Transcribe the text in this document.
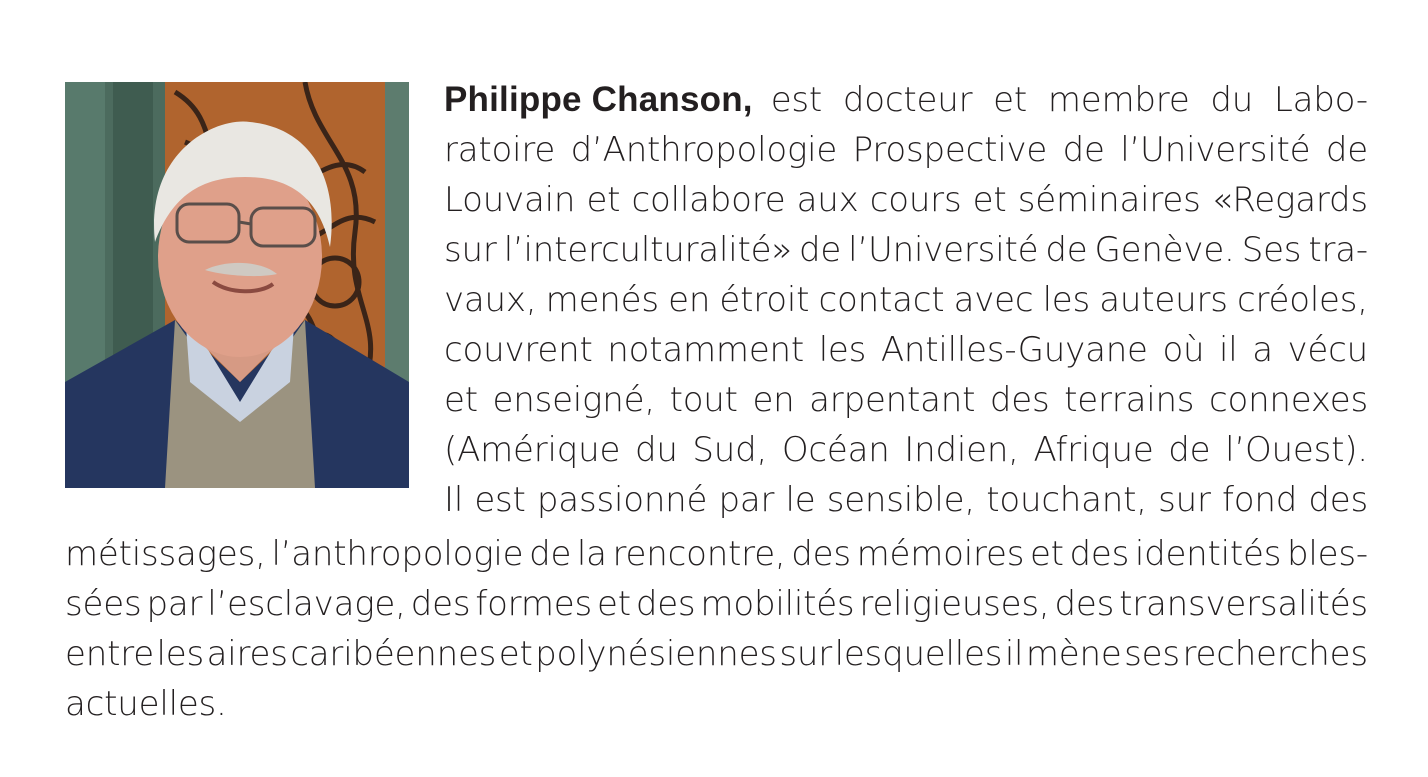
Philippe Chanson, est docteur et membre du Labo-
ratoire d’Anthropologie Prospective de l’Université de
Louvain et collabore aux cours et séminaires «Regards
sur l’interculturalité» de l’Université de Genève. Ses tra-
vaux, menés en étroit contact avec les auteurs créoles,
couvrent notamment les Antilles-Guyane où il a vécu
et enseigné, tout en arpentant des terrains connexes
(Amérique du Sud, Océan Indien, Afrique de l’Ouest).
Il est passionné par le sensible, touchant, sur fond des
métissages, l’anthropologie de la rencontre, des mémoires et des identités bles-
sées par l’esclavage, des formes et des mobilités religieuses, des transversalités
entre les aires caribéennes et polynésiennes sur lesquelles il mène ses recherches
actuelles.
